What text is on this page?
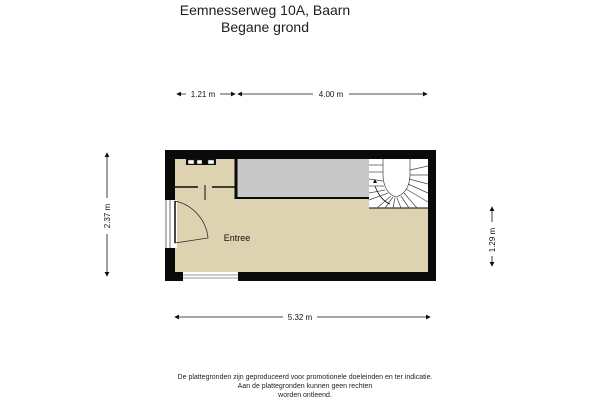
Eemnesserweg 10A, Baarn
Begane grond
1.21 m	4.00 m
2.37 m
1.29 m
5.32 m
Entree
De plattegronden zijn geproduceerd voor promotionele doeleinden en ter indicatie.
Aan de plattegronden kunnen geen rechten
worden ontleend.
